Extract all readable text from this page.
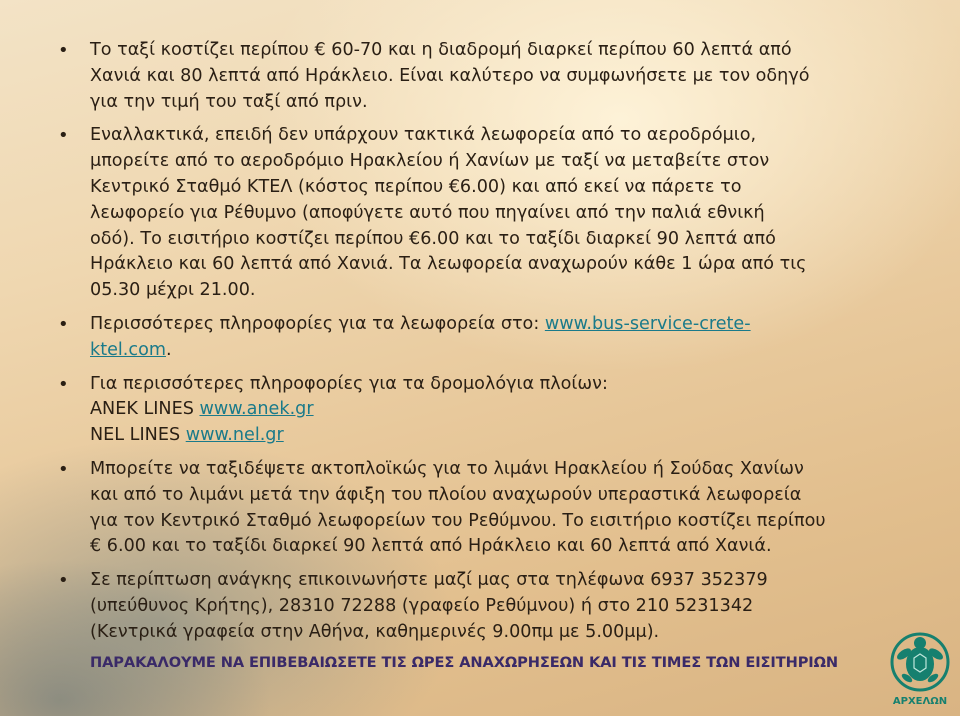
• Το ταξί κοστίζει περίπου € 60-70 και η διαδρομή διαρκεί περίπου 60 λεπτά από
Χανιά και 80 λεπτά από Ηράκλειο. Είναι καλύτερο να συμφωνήσετε με τον οδηγό
για την τιμή του ταξί από πριν.
• Εναλλακτικά, επειδή δεν υπάρχουν τακτικά λεωφορεία από το αεροδρόμιο,
μπορείτε από το αεροδρόμιο Ηρακλείου ή Χανίων με ταξί να μεταβείτε στον
Κεντρικό Σταθμό ΚΤΕΛ (κόστος περίπου €6.00) και από εκεί να πάρετε το
λεωφορείο για Ρέθυμνο (αποφύγετε αυτό που πηγαίνει από την παλιά εθνική
οδό). Το εισιτήριο κοστίζει περίπου €6.00 και το ταξίδι διαρκεί 90 λεπτά από
Ηράκλειο και 60 λεπτά από Χανιά. Τα λεωφορεία αναχωρούν κάθε 1 ώρα από τις
05.30 μέχρι 21.00.
• Περισσότερες πληροφορίες για τα λεωφορεία στο: www.bus-service-crete-
ktel.com.
• Για περισσότερες πληροφορίες για τα δρομολόγια πλοίων:
ANEK LINES www.anek.gr
NEL LINES www.nel.gr
• Μπορείτε να ταξιδέψετε ακτοπλοϊκώς για το λιμάνι Ηρακλείου ή Σούδας Χανίων
και από το λιμάνι μετά την άφιξη του πλοίου αναχωρούν υπεραστικά λεωφορεία
για τον Κεντρικό Σταθμό λεωφορείων του Ρεθύμνου. Το εισιτήριο κοστίζει περίπου
€ 6.00 και το ταξίδι διαρκεί 90 λεπτά από Ηράκλειο και 60 λεπτά από Χανιά.
• Σε περίπτωση ανάγκης επικοινωνήστε μαζί μας στα τηλέφωνα 6937 352379
(υπεύθυνος Κρήτης), 28310 72288 (γραφείο Ρεθύμνου) ή στο 210 5231342
(Κεντρικά γραφεία στην Αθήνα, καθημερινές 9.00πμ με 5.00μμ).
ΠΑΡΑΚΑΛΟΥΜΕ ΝΑ ΕΠΙΒΕΒΑΙΩΣΕΤΕ ΤΙΣ ΩΡΕΣ ΑΝΑΧΩΡΗΣΕΩΝ ΚΑΙ ΤΙΣ ΤΙΜΕΣ ΤΩΝ ΕΙΣΙΤΗΡΙΩΝ
ΑΡΧΕΛΩΝ
